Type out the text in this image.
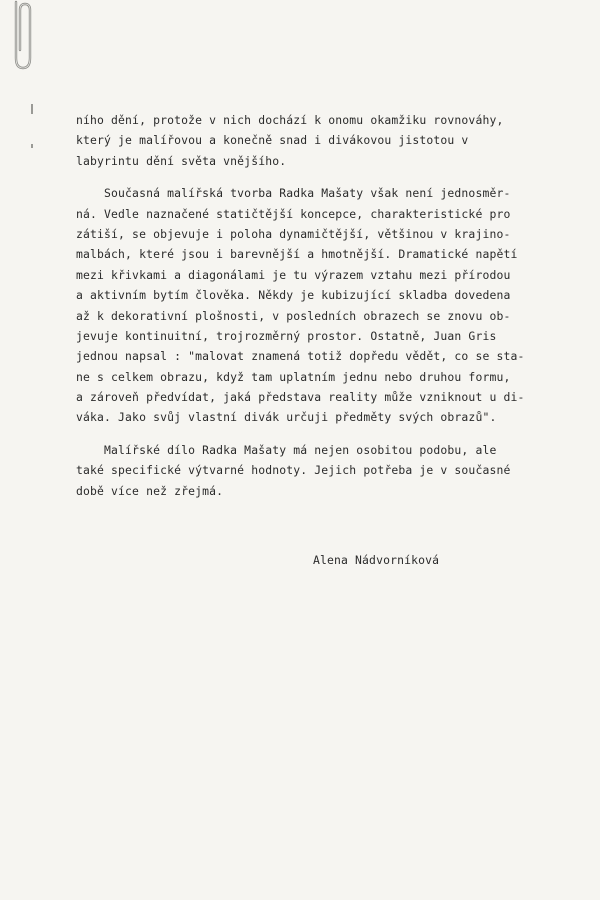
ního dění, protože v nich dochází k onomu okamžiku rovnováhy,
který je malířovou a konečně snad i divákovou jistotou v
labyrintu dění světa vnějšího.
Současná malířská tvorba Radka Mašaty však není jednosměr-
ná. Vedle naznačené statičtější koncepce, charakteristické pro
zátiší, se objevuje i poloha dynamičtější, většinou v krajino-
malbách, které jsou i barevnější a hmotnější. Dramatické napětí
mezi křivkami a diagonálami je tu výrazem vztahu mezi přírodou
a aktivním bytím člověka. Někdy je kubizující skladba dovedena
až k dekorativní plošnosti, v posledních obrazech se znovu ob-
jevuje kontinuitní, trojrozměrný prostor. Ostatně, Juan Gris
jednou napsal : "malovat znamená totiž dopředu vědět, co se sta-
ne s celkem obrazu, když tam uplatním jednu nebo druhou formu,
a zároveň předvídat, jaká představa reality může vzniknout u di-
váka. Jako svůj vlastní divák určuji předměty svých obrazů".
Malířské dílo Radka Mašaty má nejen osobitou podobu, ale
také specifické výtvarné hodnoty. Jejich potřeba je v současné
době více než zřejmá.
Alena Nádvorníková
